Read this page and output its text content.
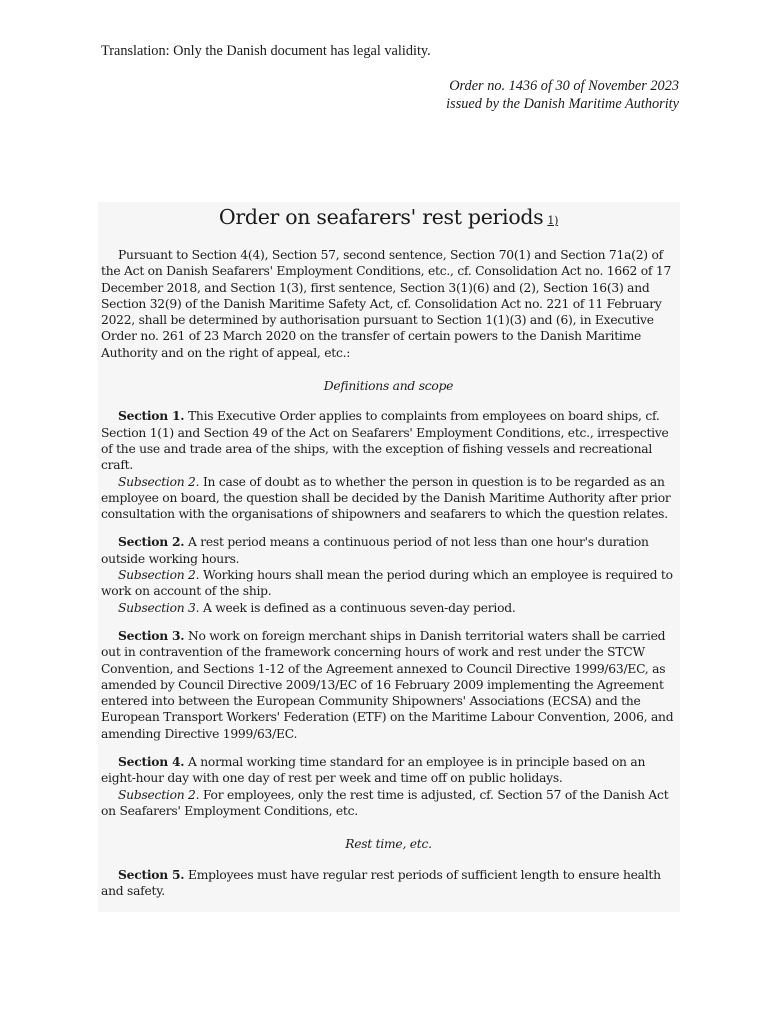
Translation: Only the Danish document has legal validity.

Order no. 1436 of 30 of November 2023
issued by the Danish Maritime Authority
Order on seafarers' rest periods 1)

Pursuant to Section 4(4), Section 57, second sentence, Section 70(1) and Section 71a(2) of the Act on Danish Seafarers' Employment Conditions, etc., cf. Consolidation Act no. 1662 of 17 December 2018, and Section 1(3), first sentence, Section 3(1)(6) and (2), Section 16(3) and Section 32(9) of the Danish Maritime Safety Act, cf. Consolidation Act no. 221 of 11 February 2022, shall be determined by authorisation pursuant to Section 1(1)(3) and (6), in Executive Order no. 261 of 23 March 2020 on the transfer of certain powers to the Danish Maritime Authority and on the right of appeal, etc.:

Definitions and scope

Section 1. This Executive Order applies to complaints from employees on board ships, cf. Section 1(1) and Section 49 of the Act on Seafarers' Employment Conditions, etc., irrespective of the use and trade area of the ships, with the exception of fishing vessels and recreational craft.

Subsection 2. In case of doubt as to whether the person in question is to be regarded as an employee on board, the question shall be decided by the Danish Maritime Authority after prior consultation with the organisations of shipowners and seafarers to which the question relates.

Section 2. A rest period means a continuous period of not less than one hour's duration outside working hours.

Subsection 2. Working hours shall mean the period during which an employee is required to work on account of the ship.

Subsection 3. A week is defined as a continuous seven-day period.

Section 3. No work on foreign merchant ships in Danish territorial waters shall be carried out in contravention of the framework concerning hours of work and rest under the STCW Convention, and Sections 1-12 of the Agreement annexed to Council Directive 1999/63/EC, as amended by Council Directive 2009/13/EC of 16 February 2009 implementing the Agreement entered into between the European Community Shipowners' Associations (ECSA) and the European Transport Workers' Federation (ETF) on the Maritime Labour Convention, 2006, and amending Directive 1999/63/EC.

Section 4. A normal working time standard for an employee is in principle based on an eight-hour day with one day of rest per week and time off on public holidays.

Subsection 2. For employees, only the rest time is adjusted, cf. Section 57 of the Danish Act on Seafarers' Employment Conditions, etc.

Rest time, etc.

Section 5. Employees must have regular rest periods of sufficient length to ensure health and safety.
